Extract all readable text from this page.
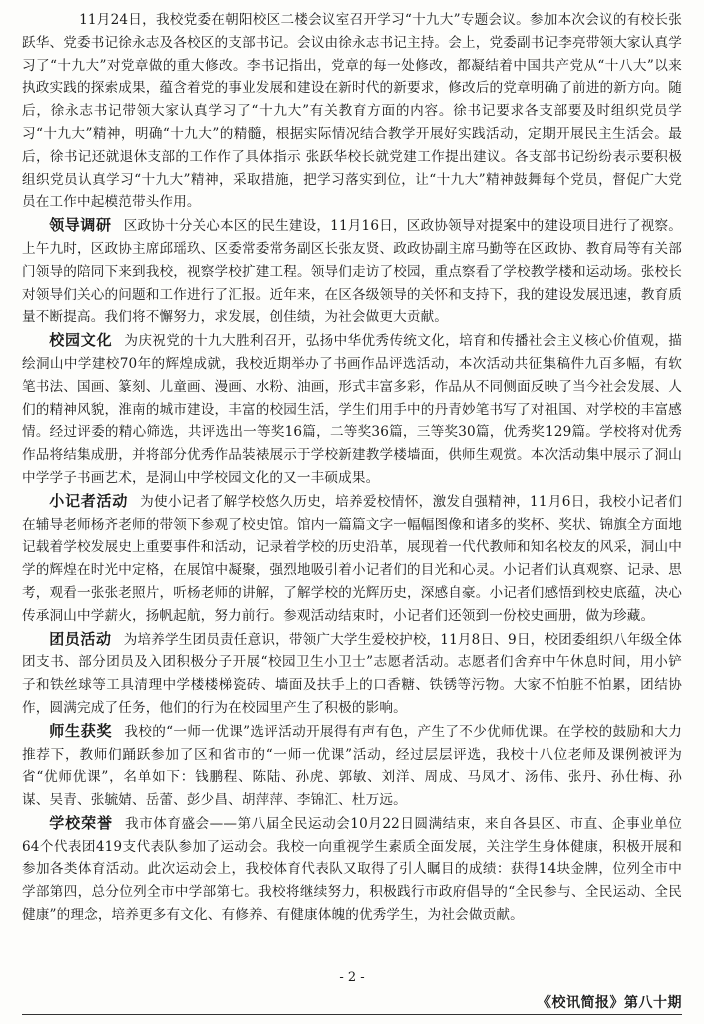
11月24日，我校党委在朝阳校区二楼会议室召开学习“十九大”专题会议。参加本次会议的有校长张跃华、党委书记徐永志及各校区的支部书记。会议由徐永志书记主持。会上，党委副书记李亮带领大家认真学习了“十九大”对党章做的重大修改。李书记指出，党章的每一处修改，都凝结着中国共产党从“十八大”以来执政实践的探索成果，蕴含着党的事业发展和建设在新时代的新要求，修改后的党章明确了前进的新方向。随后，徐永志书记带领大家认真学习了“十九大”有关教育方面的内容。徐书记要求各支部要及时组织党员学习“十九大”精神，明确“十九大”的精髓，根据实际情况结合教学开展好实践活动，定期开展民主生活会。最后，徐书记还就退休支部的工作作了具体指示 张跃华校长就党建工作提出建议。各支部书记纷纷表示要积极组织党员认真学习“十九大”精神，采取措施，把学习落实到位，让“十九大”精神鼓舞每个党员，督促广大党员在工作中起模范带头作用。

领导调研 区政协十分关心本区的民生建设，11月16日，区政协领导对提案中的建设项目进行了视察。上午九时，区政协主席邱瑶玖、区委常委常务副区长张友贤、政政协副主席马勤等在区政协、教育局等有关部门领导的陪同下来到我校，视察学校扩建工程。领导们走访了校园，重点察看了学校教学楼和运动场。张校长对领导们关心的问题和工作进行了汇报。近年来，在区各级领导的关怀和支持下，我的建设发展迅速，教育质量不断提高。我们将不懈努力，求发展，创佳绩，为社会做更大贡献。

校园文化 为庆祝党的十九大胜利召开，弘扬中华优秀传统文化，培育和传播社会主义核心价值观，描绘洞山中学建校70年的辉煌成就，我校近期举办了书画作品评选活动，本次活动共征集稿件九百多幅，有软笔书法、国画、篆刻、儿童画、漫画、水粉、油画，形式丰富多彩，作品从不同侧面反映了当今社会发展、人们的精神风貌，淮南的城市建设，丰富的校园生活，学生们用手中的丹青妙笔书写了对祖国、对学校的丰富感情。经过评委的精心筛选，共评选出一等奖16篇，二等奖36篇，三等奖30篇，优秀奖129篇。学校将对优秀作品将结集成册，并将部分优秀作品装裱展示于学校新建教学楼墙面，供师生观赏。本次活动集中展示了洞山中学学子书画艺术，是洞山中学校园文化的又一丰硕成果。

小记者活动 为使小记者了解学校悠久历史，培养爱校情怀，激发自强精神，11月6日，我校小记者们在辅导老师杨齐老师的带领下参观了校史馆。馆内一篇篇文字一幅幅图像和诸多的奖杯、奖状、锦旗全方面地记载着学校发展史上重要事件和活动，记录着学校的历史沿革，展现着一代代教师和知名校友的风采，洞山中学的辉煌在时光中定格，在展馆中凝聚，强烈地吸引着小记者们的目光和心灵。小记者们认真观察、记录、思考，观看一张张老照片，听杨老师的讲解，了解学校的光辉历史，深感自豪。小记者们感悟到校史底蕴，决心传承洞山中学薪火，扬帆起航，努力前行。参观活动结束时，小记者们还领到一份校史画册，做为珍藏。

团员活动 为培养学生团员责任意识，带领广大学生爱校护校，11月8日、9日，校团委组织八年级全体团支书、部分团员及入团积极分子开展“校园卫生小卫士”志愿者活动。志愿者们舍弃中午休息时间，用小铲子和铁丝球等工具清理中学楼楼梯瓷砖、墙面及扶手上的口香糖、铁锈等污物。大家不怕脏不怕累，团结协作，圆满完成了任务，他们的行为在校园里产生了积极的影响。

师生获奖 我校的“一师一优课”选评活动开展得有声有色，产生了不少优师优课。在学校的鼓励和大力推荐下，教师们踊跃参加了区和省市的“一师一优课”活动，经过层层评选，我校十八位老师及课例被评为省“优师优课”，名单如下：钱鹏程、陈陆、孙虎、郭敏、刘洋、周成、马凤才、汤伟、张丹、孙仕梅、孙谋、吴青、张毓婧、岳蕾、彭少昌、胡萍萍、李锦汇、杜万远。

学校荣誉 我市体育盛会——第八届全民运动会10月22日圆满结束，来自各县区、市直、企事业单位64个代表团419支代表队参加了运动会。我校一向重视学生素质全面发展，关注学生身体健康，积极开展和参加各类体育活动。此次运动会上，我校体育代表队又取得了引人瞩目的成绩：获得14块金牌，位列全市中学部第四，总分位列全市中学部第七。我校将继续努力，积极践行市政府倡导的“全民参与、全民运动、全民健康”的理念，培养更多有文化、有修养、有健康体魄的优秀学生，为社会做贡献。

- 2 -
《校讯简报》第八十期
